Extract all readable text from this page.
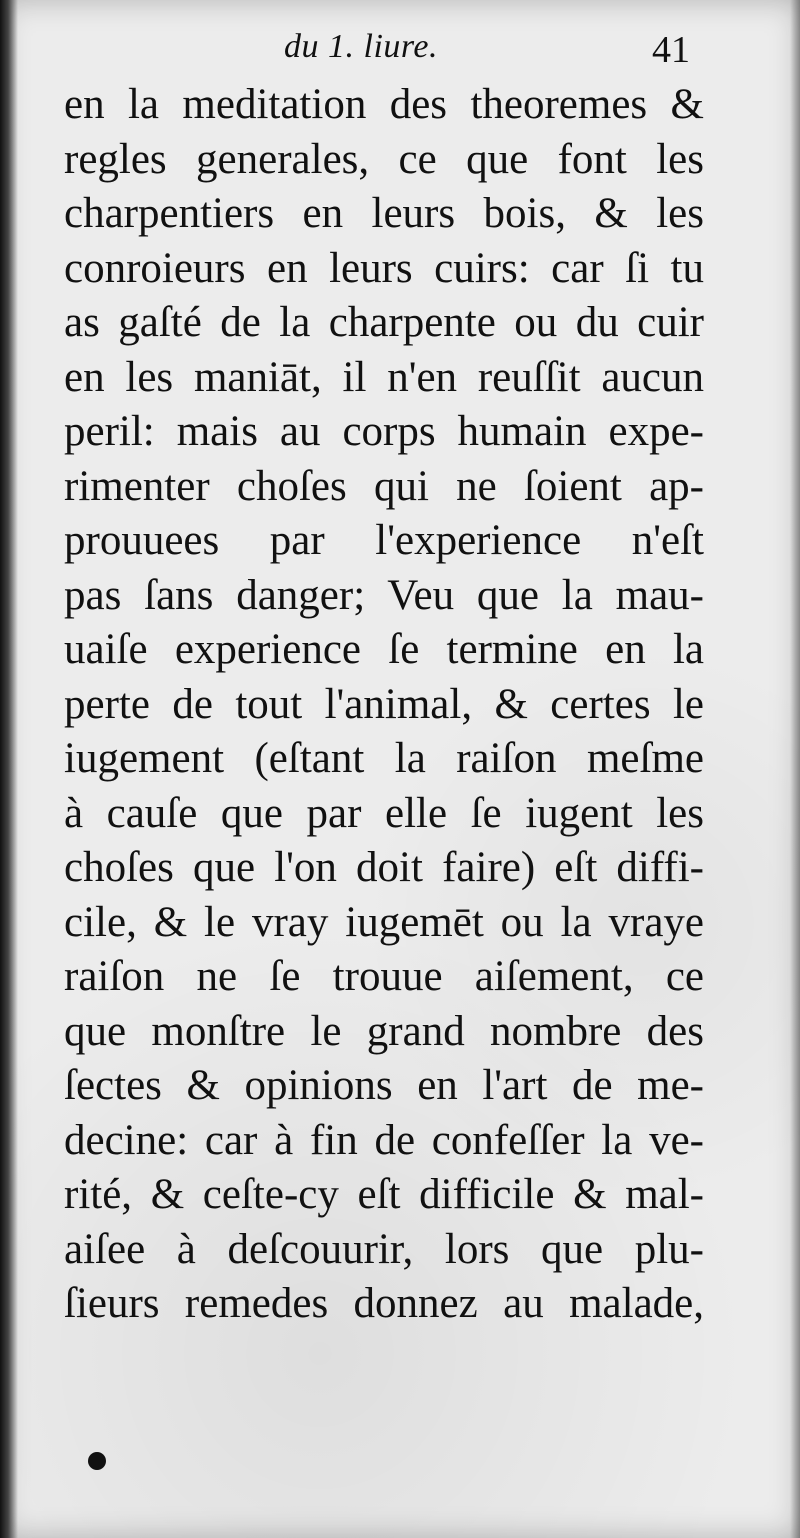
du 1. liure.	41
en la meditation des theoremes &
regles generales, ce que font les
charpentiers en leurs bois, & les
conroieurs en leurs cuirs: car ſi tu
as gaſté de la charpente ou du cuir
en les maniāt, il n'en reuſſit aucun
peril: mais au corps humain expe-
rimenter choſes qui ne ſoient ap-
prouuees par l'experience n'eſt
pas ſans danger; Veu que la mau-
uaiſe experience ſe termine en la
perte de tout l'animal, & certes le
iugement (eſtant la raiſon meſme
à cauſe que par elle ſe iugent les
choſes que l'on doit faire) eſt diffi-
cile, & le vray iugemēt ou la vraye
raiſon ne ſe trouue aiſement, ce
que monſtre le grand nombre des
ſectes & opinions en l'art de me-
decine: car à fin de confeſſer la ve-
rité, & ceſte-cy eſt difficile & mal-
aiſee à deſcouurir, lors que plu-
ſieurs remedes donnez au malade,
